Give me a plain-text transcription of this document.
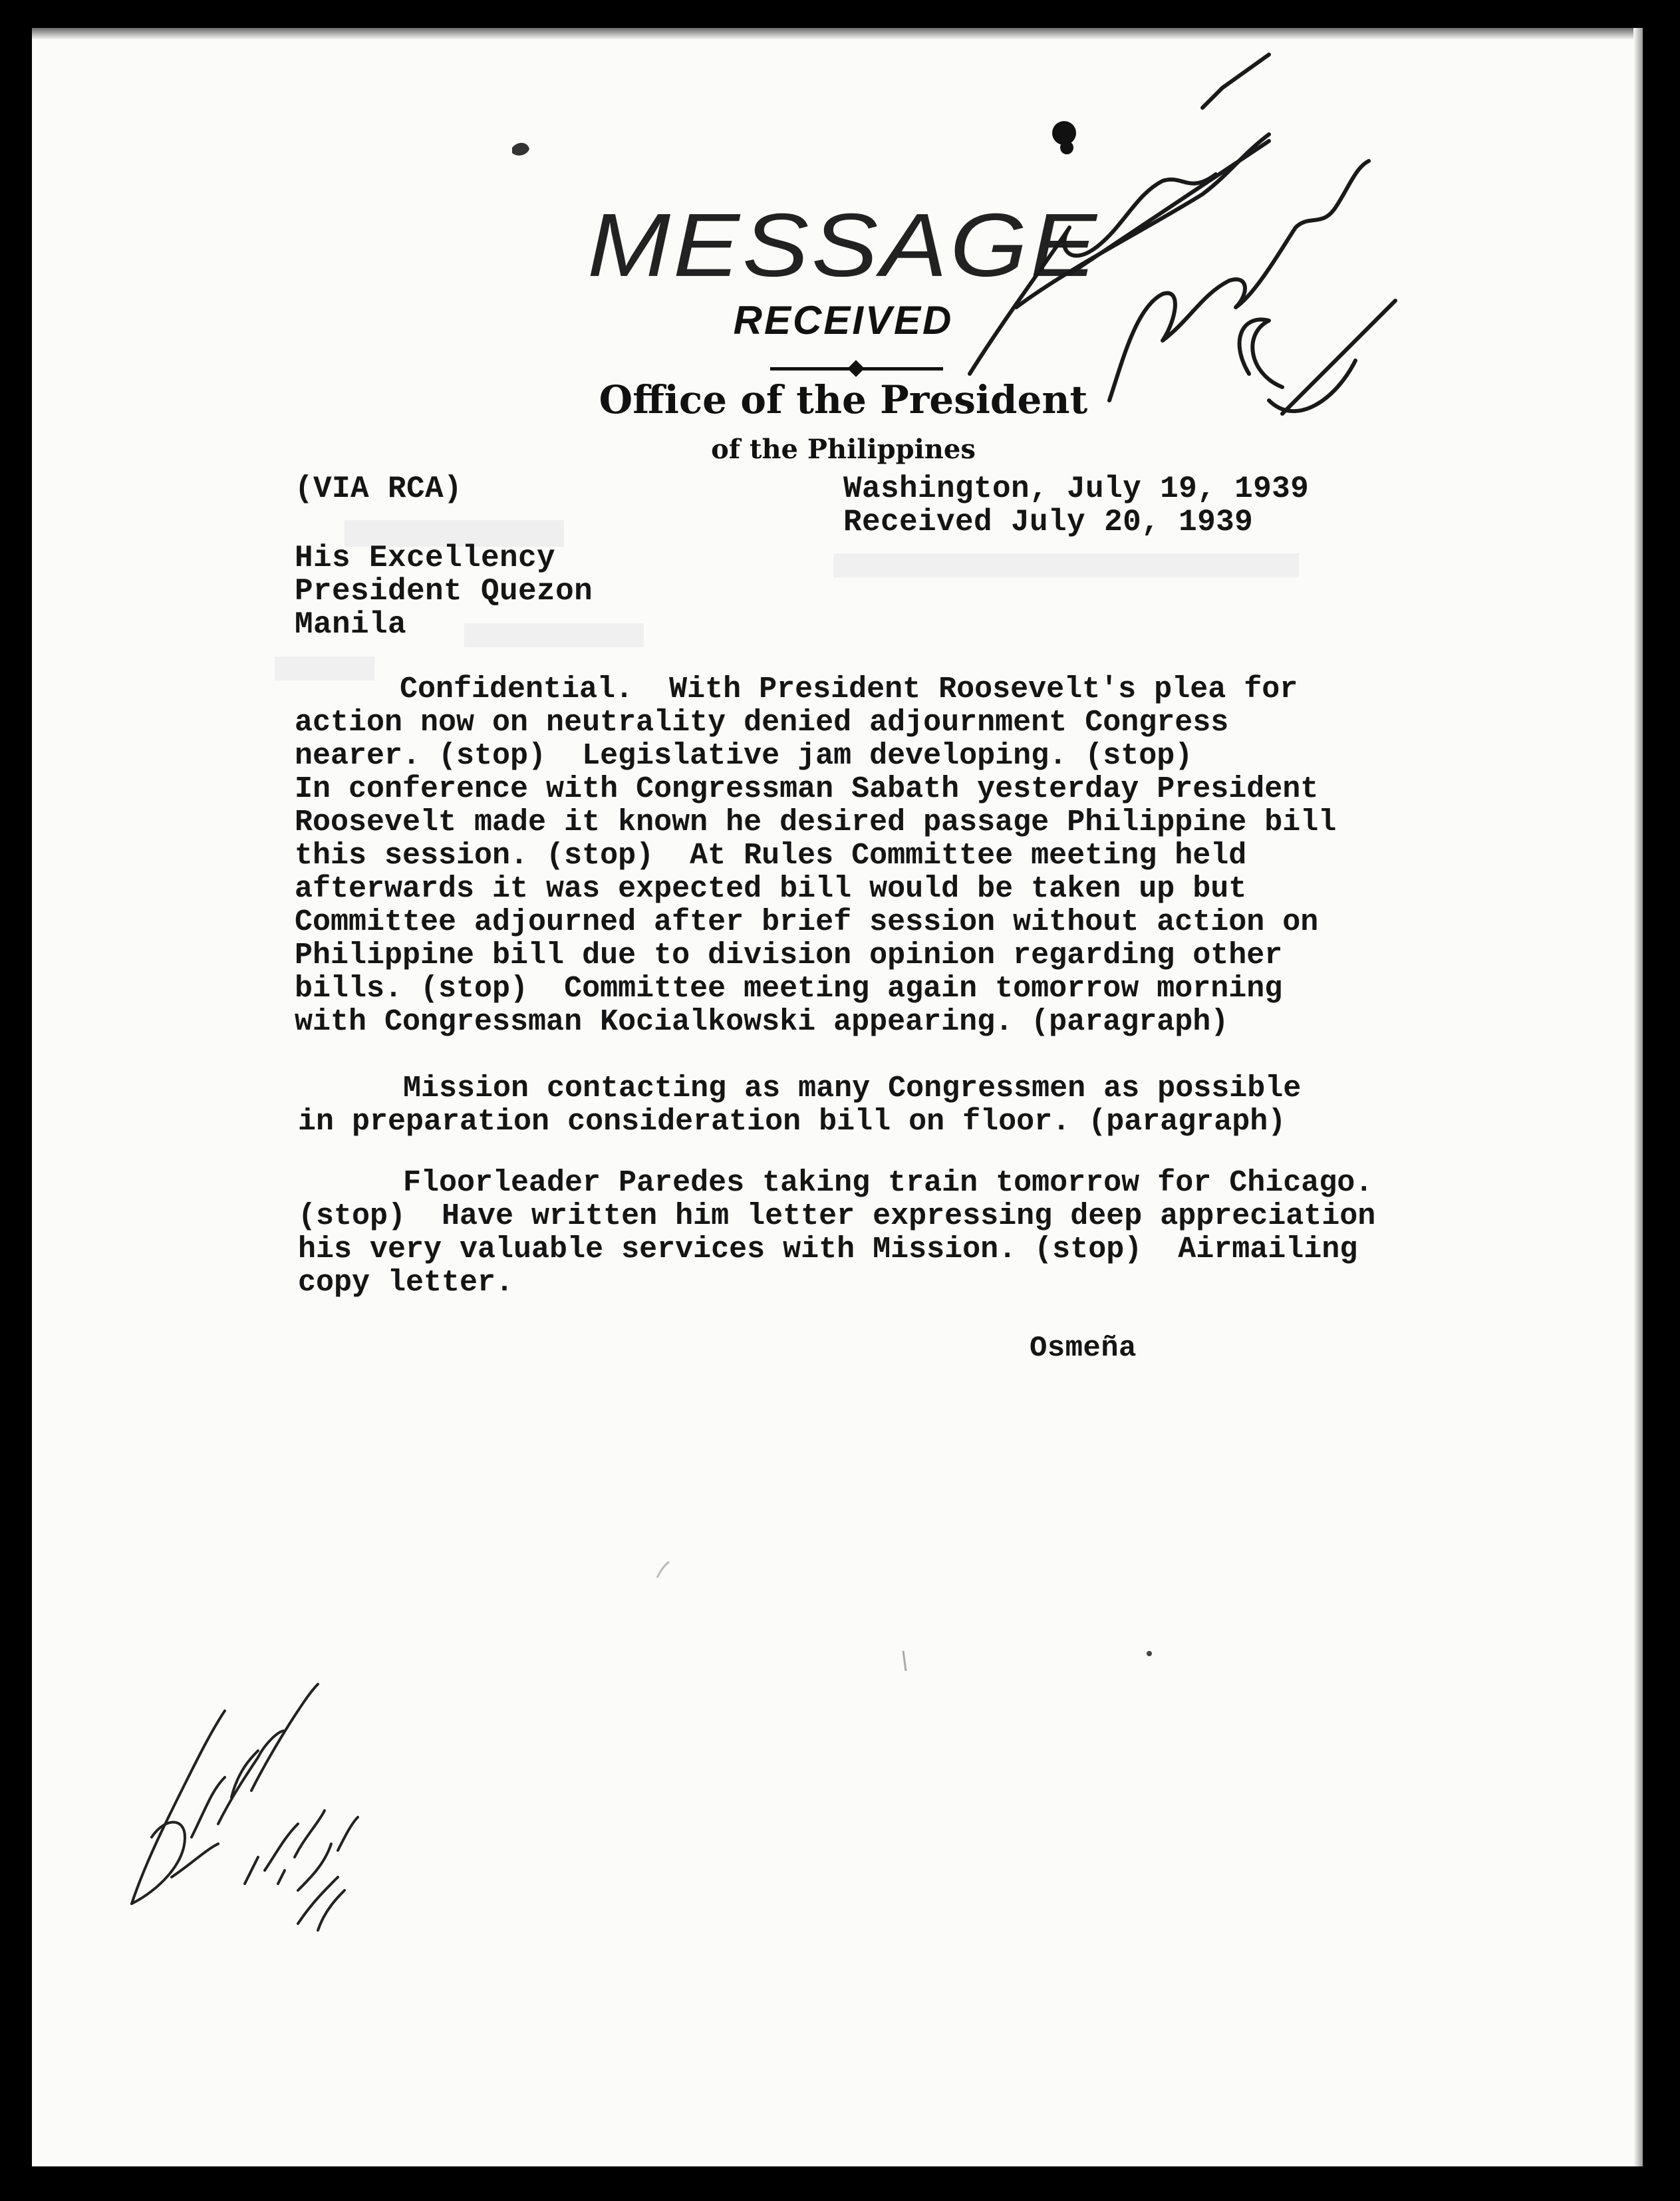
MESSAGE
RECEIVED
Office of the President
of the Philippines

(VIA RCA)	Washington, July 19, 1939

Received July 20, 1939

His Excellency

President Quezon

Manila

Confidential.  With President Roosevelt's plea for
action now on neutrality denied adjournment Congress
nearer. (stop)  Legislative jam developing. (stop)
In conference with Congressman Sabath yesterday President
Roosevelt made it known he desired passage Philippine bill
this session. (stop)  At Rules Committee meeting held
afterwards it was expected bill would be taken up but
Committee adjourned after brief session without action on
Philippine bill due to division opinion regarding other
bills. (stop)  Committee meeting again tomorrow morning
with Congressman Kocialkowski appearing. (paragraph)
Mission contacting as many Congressmen as possible
in preparation consideration bill on floor. (paragraph)
Floorleader Paredes taking train tomorrow for Chicago.
(stop)  Have written him letter expressing deep appreciation
his very valuable services with Mission. (stop)  Airmailing
copy letter.

Osmeña
